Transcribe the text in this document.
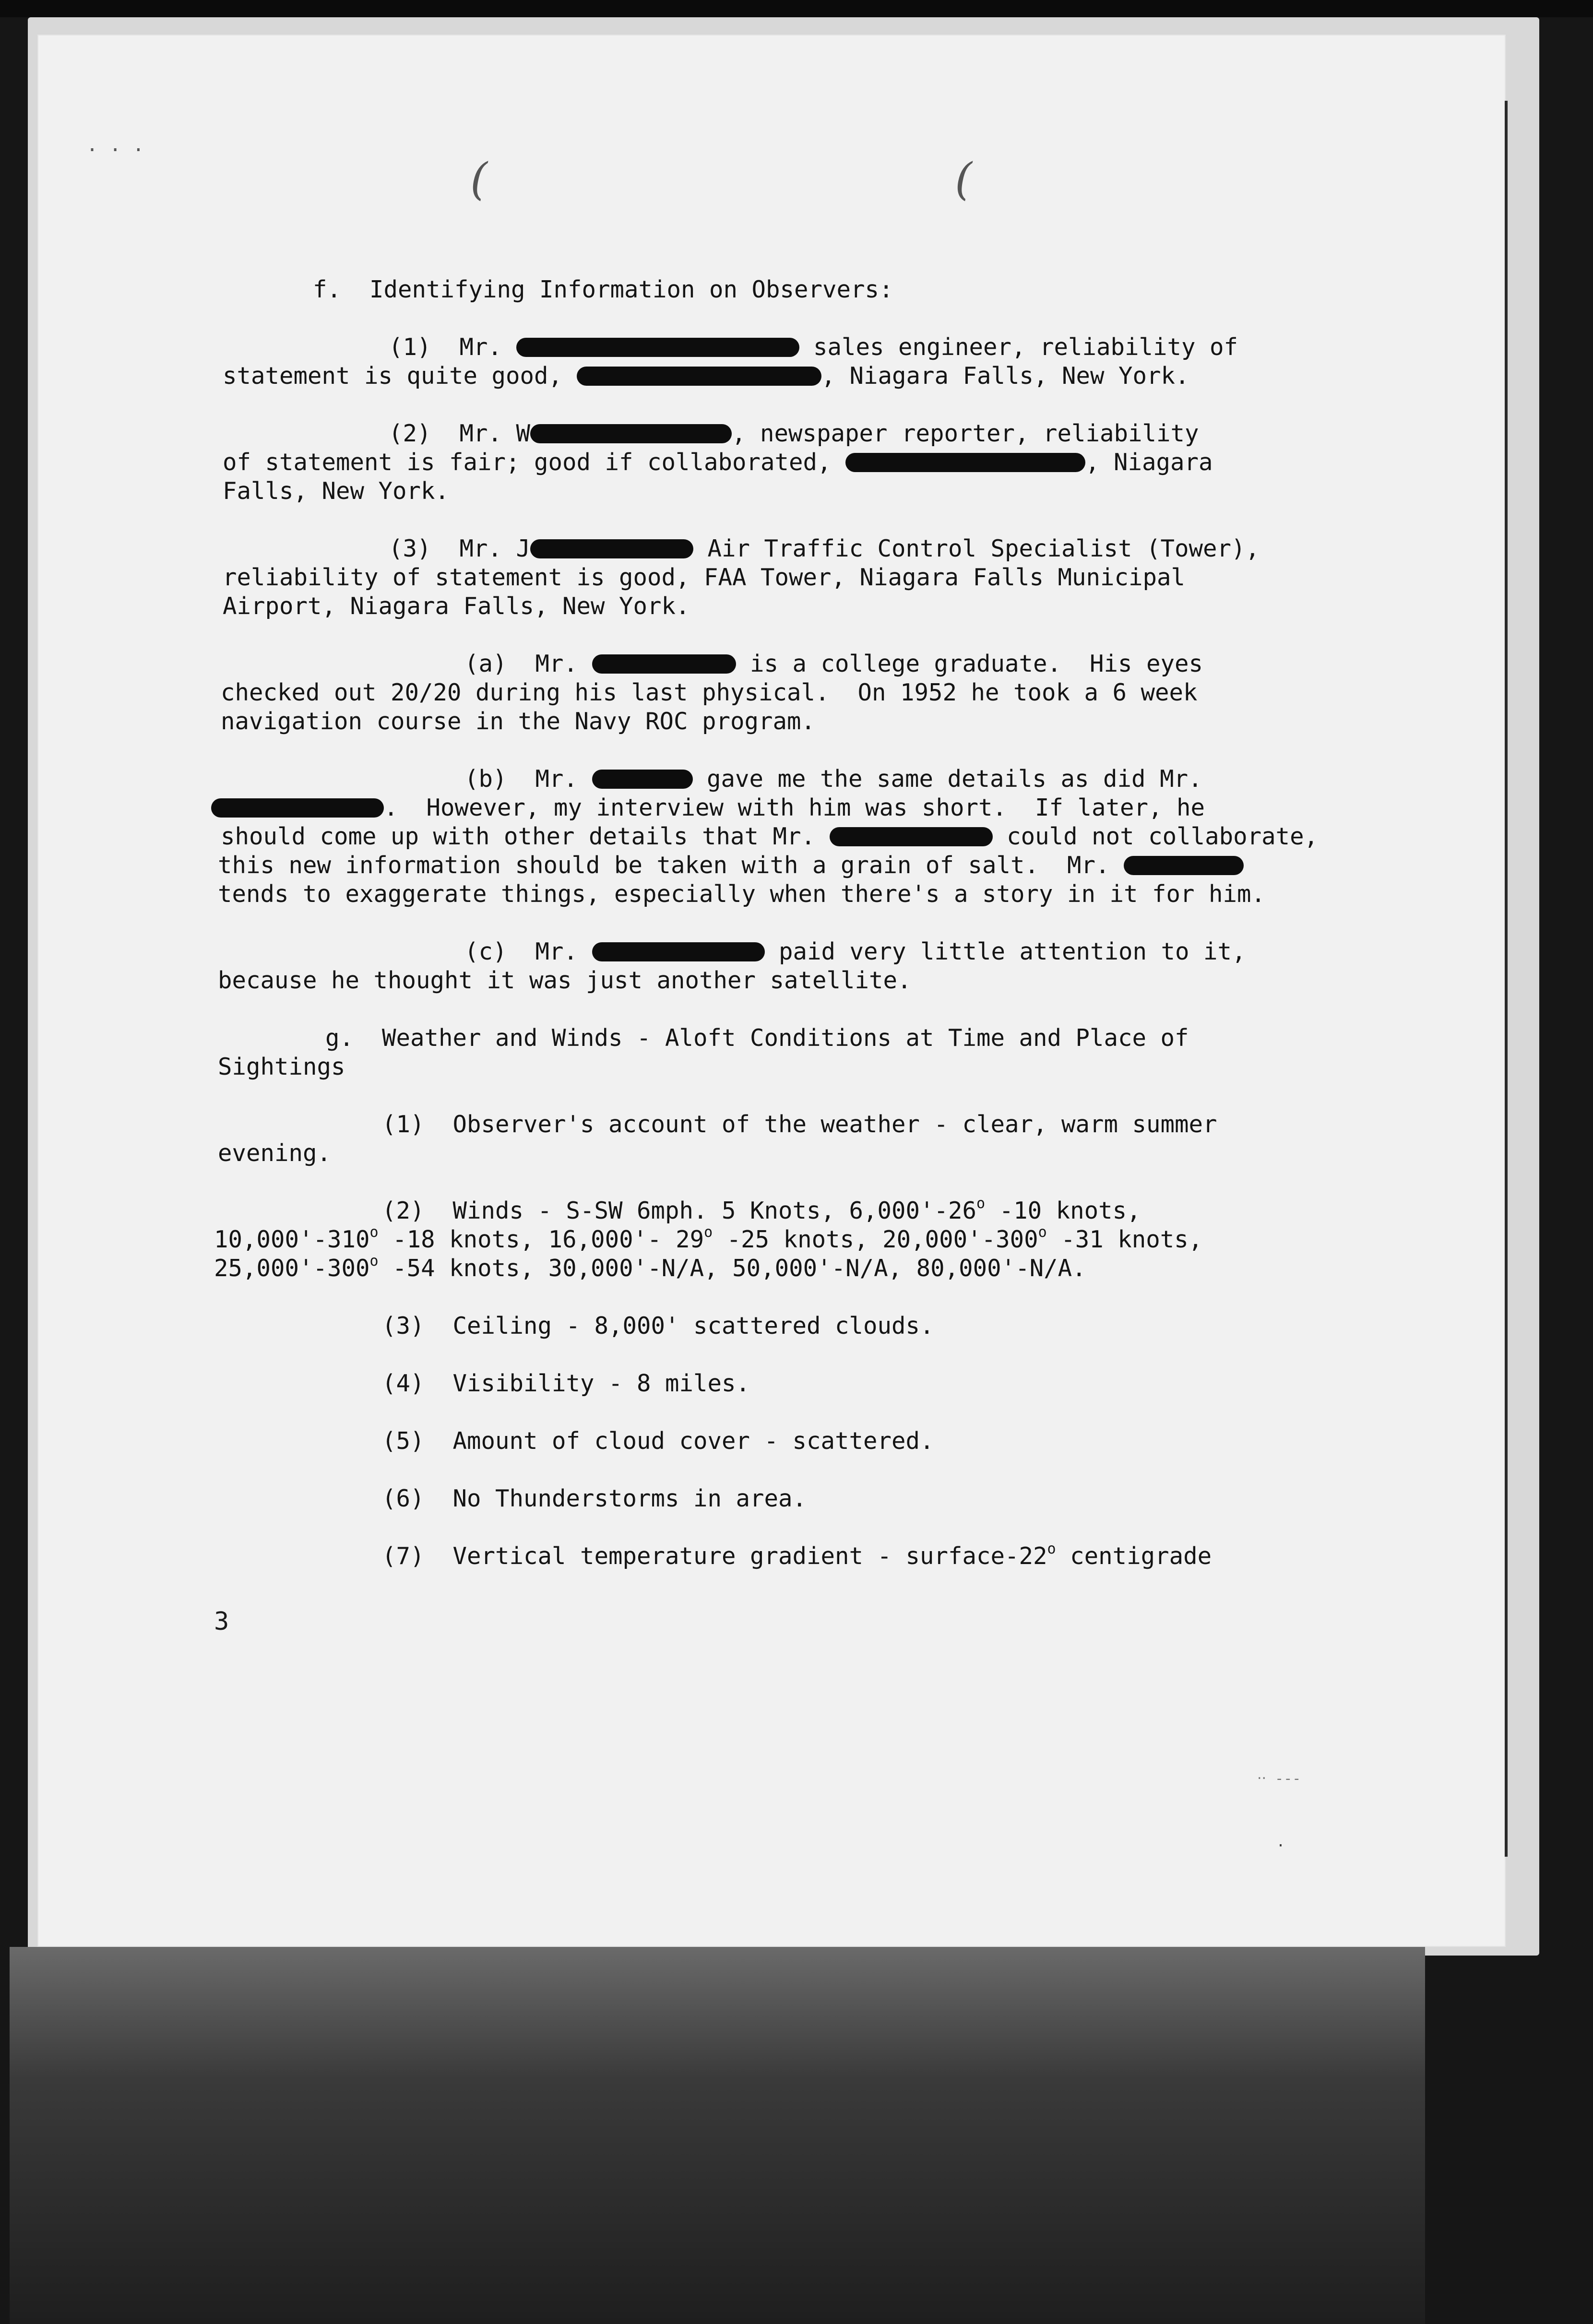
· · ·
(	(
f.  Identifying Information on Observers:
(1)  Mr.	sales engineer, reliability of
statement is quite good,	, Niagara Falls, New York.
(2)  Mr. W	, newspaper reporter, reliability
of statement is fair; good if collaborated,	, Niagara
Falls, New York.
(3)  Mr. J	Air Traffic Control Specialist (Tower),
reliability of statement is good, FAA Tower, Niagara Falls Municipal
Airport, Niagara Falls, New York.
(a)  Mr.	is a college graduate.  His eyes
checked out 20/20 during his last physical.  On 1952 he took a 6 week
navigation course in the Navy ROC program.
(b)  Mr.	gave me the same details as did Mr.
.  However, my interview with him was short.  If later, he
should come up with other details that Mr.	could not collaborate,
this new information should be taken with a grain of salt.  Mr.
tends to exaggerate things, especially when there's a story in it for him.
(c)  Mr.	paid very little attention to it,
because he thought it was just another satellite.
g.  Weather and Winds - Aloft Conditions at Time and Place of
Sightings
(1)  Observer's account of the weather - clear, warm summer
evening.
(2)  Winds - S-SW 6mph. 5 Knots, 6,000'-26$^o$ -10 knots,
10,000'-310$^o$ -18 knots, 16,000'- 29$^o$ -25 knots, 20,000'-300$^o$ -31 knots,
25,000'-300$^o$ -54 knots, 30,000'-N/A, 50,000'-N/A, 80,000'-N/A.
(3)  Ceiling - 8,000' scattered clouds.
(4)  Visibility - 8 miles.
(5)  Amount of cloud cover - scattered.
(6)  No Thunderstorms in area.
(7)  Vertical temperature gradient - surface-22$^o$ centigrade
3
‧‧ ‐‐‐
·
